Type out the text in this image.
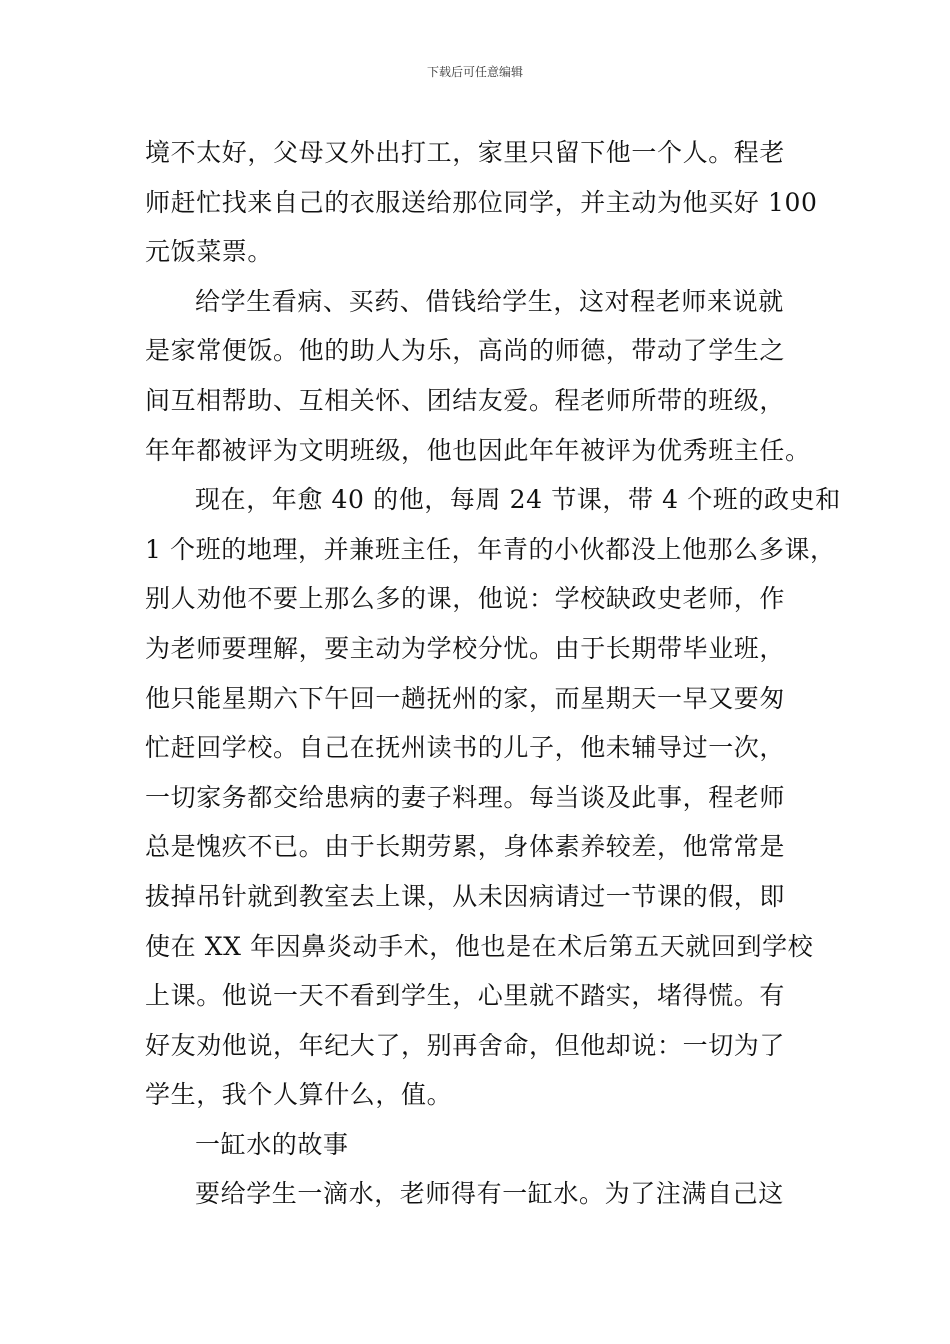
下载后可任意编辑
境不太好，父母又外出打工，家里只留下他一个人。程老
师赶忙找来自己的衣服送给那位同学，并主动为他买好 100
元饭菜票。
给学生看病、买药、借钱给学生，这对程老师来说就
是家常便饭。他的助人为乐，高尚的师德，带动了学生之
间互相帮助、互相关怀、团结友爱。程老师所带的班级，
年年都被评为文明班级，他也因此年年被评为优秀班主任。
现在，年愈 40 的他，每周 24 节课，带 4 个班的政史和
1 个班的地理，并兼班主任，年青的小伙都没上他那么多课，
别人劝他不要上那么多的课，他说：学校缺政史老师，作
为老师要理解，要主动为学校分忧。由于长期带毕业班，
他只能星期六下午回一趟抚州的家，而星期天一早又要匆
忙赶回学校。自己在抚州读书的儿子，他未辅导过一次，
一切家务都交给患病的妻子料理。每当谈及此事，程老师
总是愧疚不已。由于长期劳累，身体素养较差，他常常是
拔掉吊针就到教室去上课，从未因病请过一节课的假，即
使在 XX 年因鼻炎动手术，他也是在术后第五天就回到学校
上课。他说一天不看到学生，心里就不踏实，堵得慌。有
好友劝他说，年纪大了，别再舍命，但他却说：一切为了
学生，我个人算什么，值。
一缸水的故事
要给学生一滴水，老师得有一缸水。为了注满自己这
